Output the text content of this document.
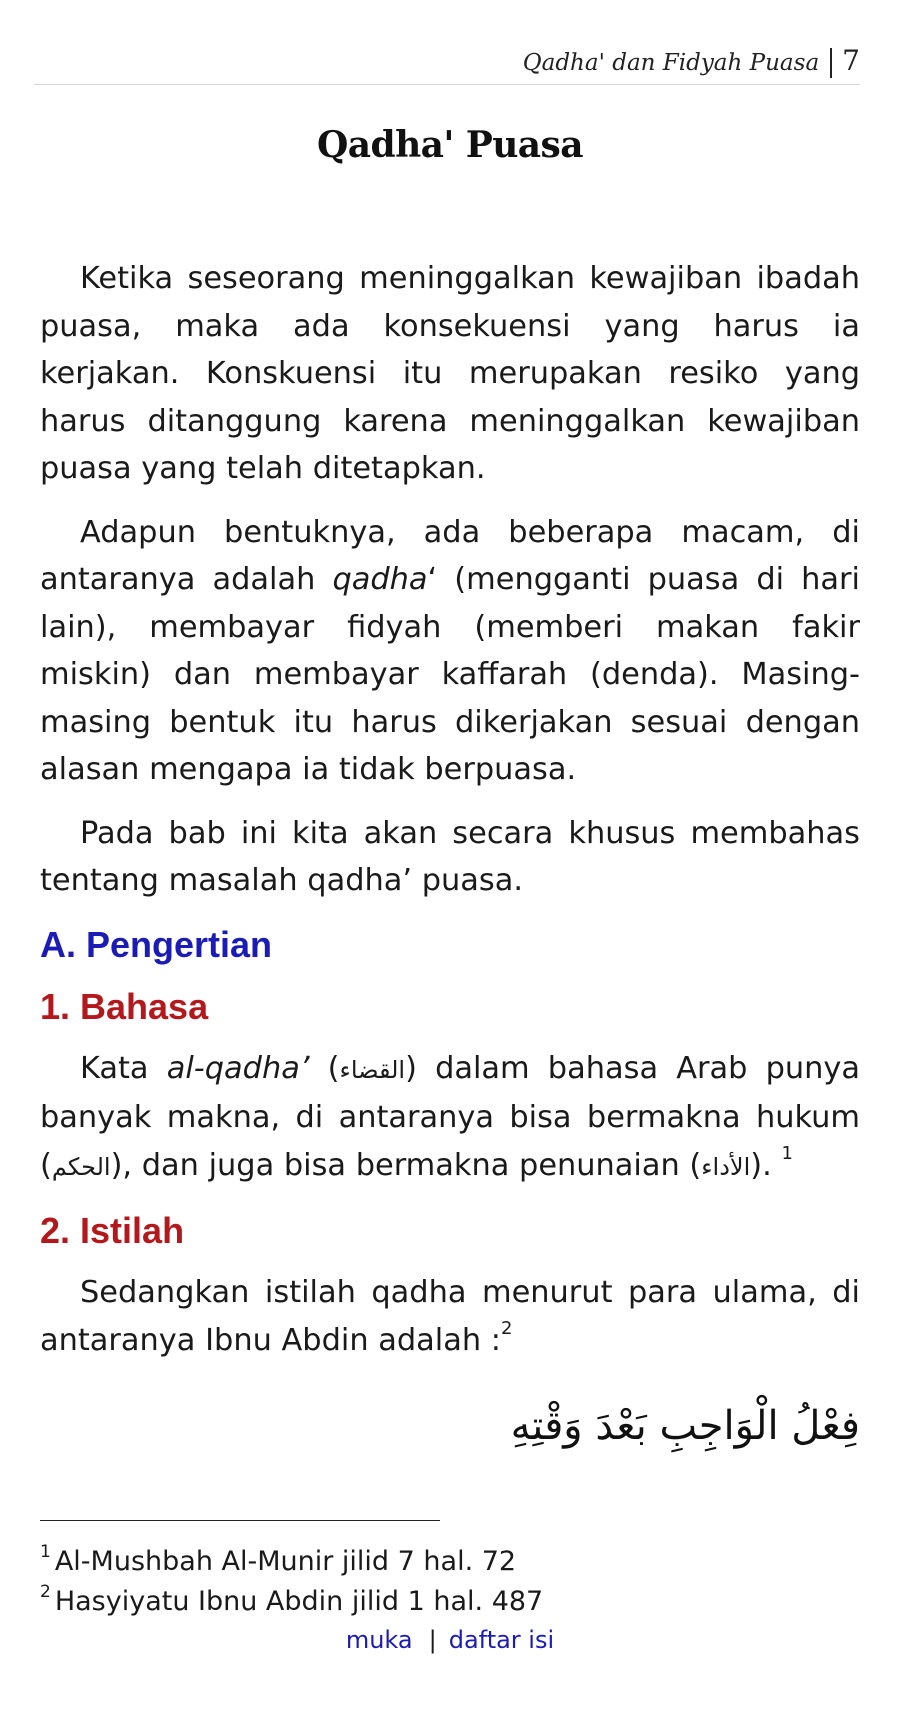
Qadha' dan Fidyah Puasa 7
Qadha' Puasa

Ketika seseorang meninggalkan kewajiban ibadah puasa, maka ada konsekuensi yang harus ia kerjakan. Konskuensi itu merupakan resiko yang harus ditanggung karena meninggalkan kewajiban puasa yang telah ditetapkan.

Adapun bentuknya, ada beberapa macam, di antaranya adalah qadha‘ (mengganti puasa di hari lain), membayar fidyah (memberi makan fakir miskin) dan membayar kaffarah (denda). Masing-masing bentuk itu harus dikerjakan sesuai dengan alasan mengapa ia tidak berpuasa.

Pada bab ini kita akan secara khusus membahas tentang masalah qadha’ puasa.

A. Pengertian
1. Bahasa

Kata al-qadha’ (القضاء) dalam bahasa Arab punya banyak makna, di antaranya bisa bermakna hukum (الحكم), dan juga bisa bermakna penunaian (الأداء). $^1$

2. Istilah

Sedangkan istilah qadha menurut para ulama, di antaranya Ibnu Abdin adalah :$^2$

فِعْلُ الْوَاجِبِ بَعْدَ وَقْتِهِ
$^1$ Al-Mushbah Al-Munir jilid 7 hal. 72
$^2$ Hasyiyatu Ibnu Abdin jilid 1 hal. 487
muka | daftar isi
